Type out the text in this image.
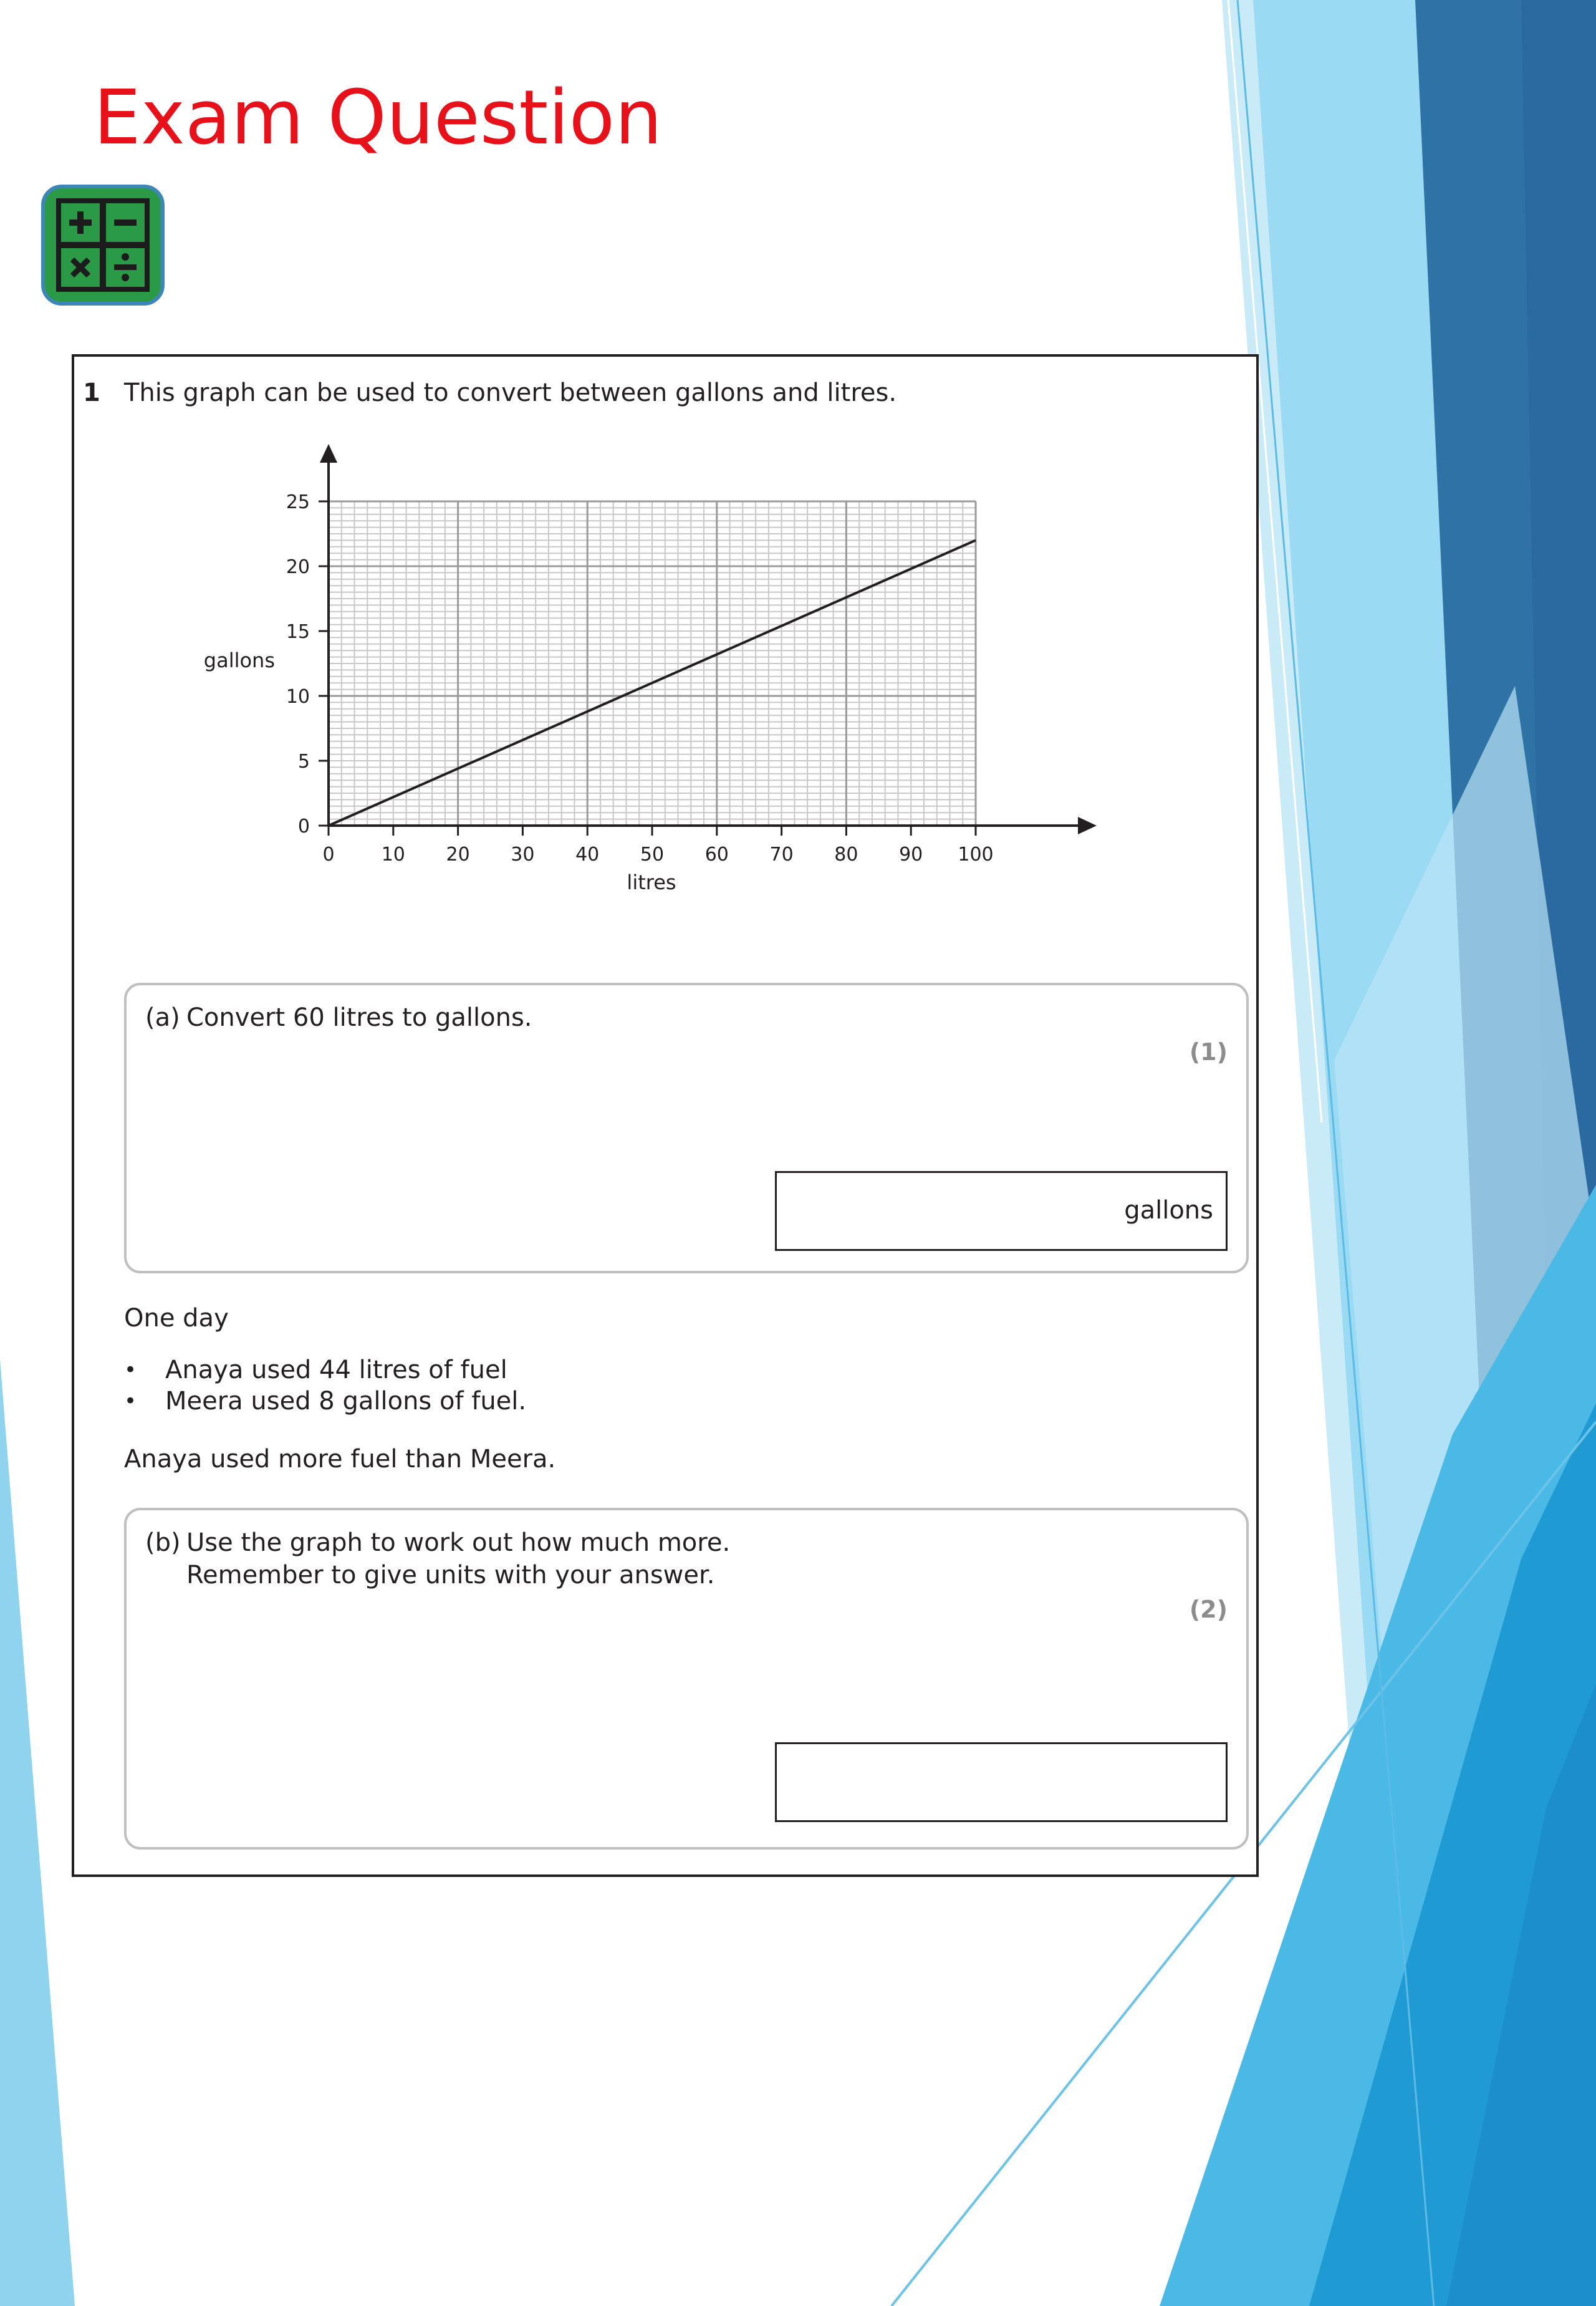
Exam Question
1 This graph can be used to convert between gallons and litres.
0	10 20 30 40 50 60 70 80 90 100
0
5
10
15
20
25
litres
gallons
(a) Convert 60 litres to gallons.
(1)
gallons
One day
• Anaya used 44 litres of fuel
• Meera used 8 gallons of fuel.
Anaya used more fuel than Meera.
(b) Use the graph to work out how much more.
Remember to give units with your answer.
(2)
